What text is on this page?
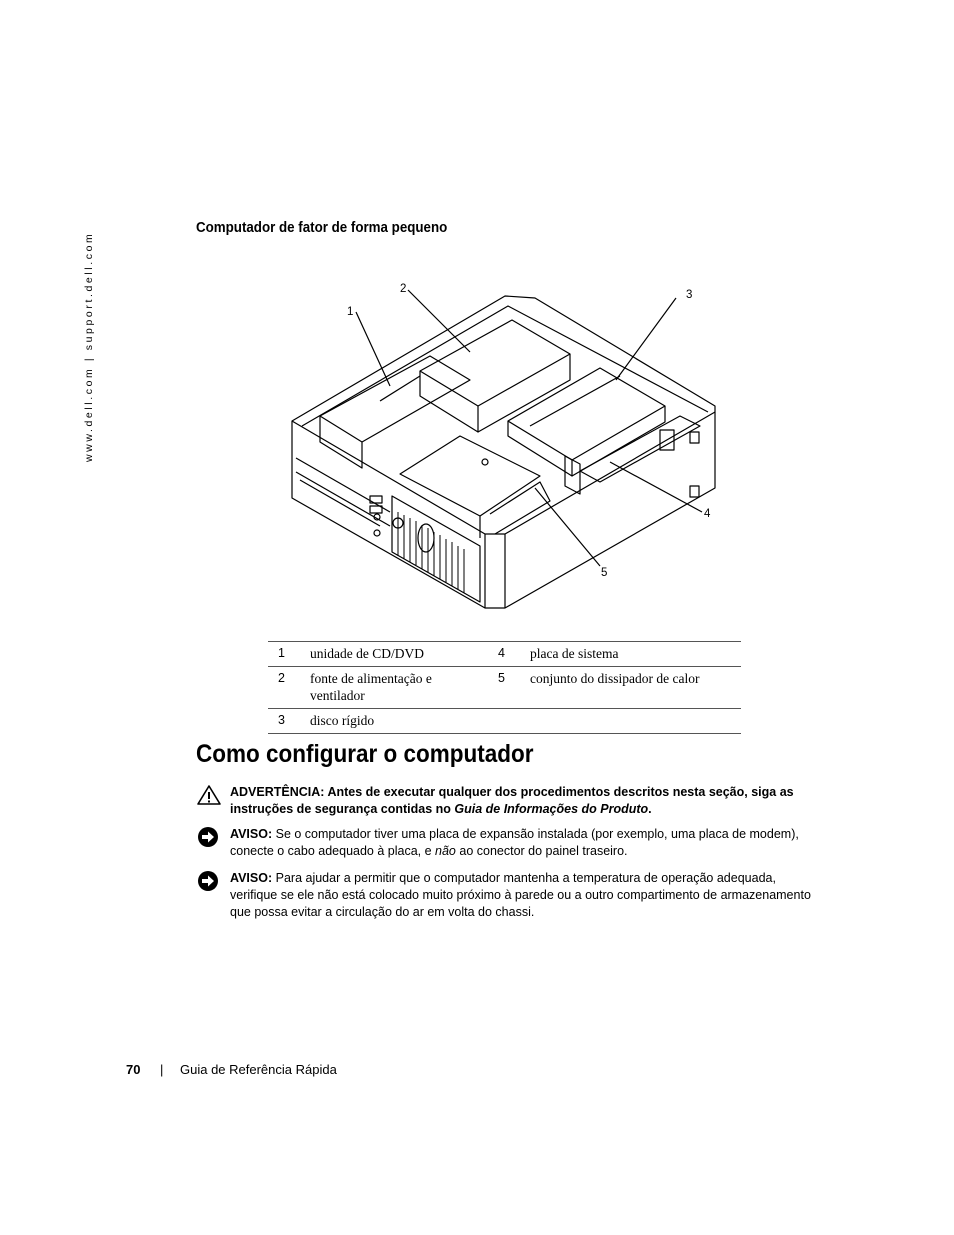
www.dell.com | support.dell.com
Computador de fator de forma pequeno
1
2	3
4
5
1	unidade de CD/DVD	4	placa de sistema
2	fonte de alimentação e ventilador	5	conjunto do dissipador de calor
3	disco rígido		
Como configurar o computador
ADVERTÊNCIA: Antes de executar qualquer dos procedimentos descritos nesta seção, siga as instruções de segurança contidas no Guia de Informações do Produto.
AVISO: Se o computador tiver uma placa de expansão instalada (por exemplo, uma placa de modem), conecte o cabo adequado à placa, e não ao conector do painel traseiro.
AVISO: Para ajudar a permitir que o computador mantenha a temperatura de operação adequada, verifique se ele não está colocado muito próximo à parede ou a outro compartimento de armazenamento que possa evitar a circulação do ar em volta do chassi.
70 | Guia de Referência Rápida
